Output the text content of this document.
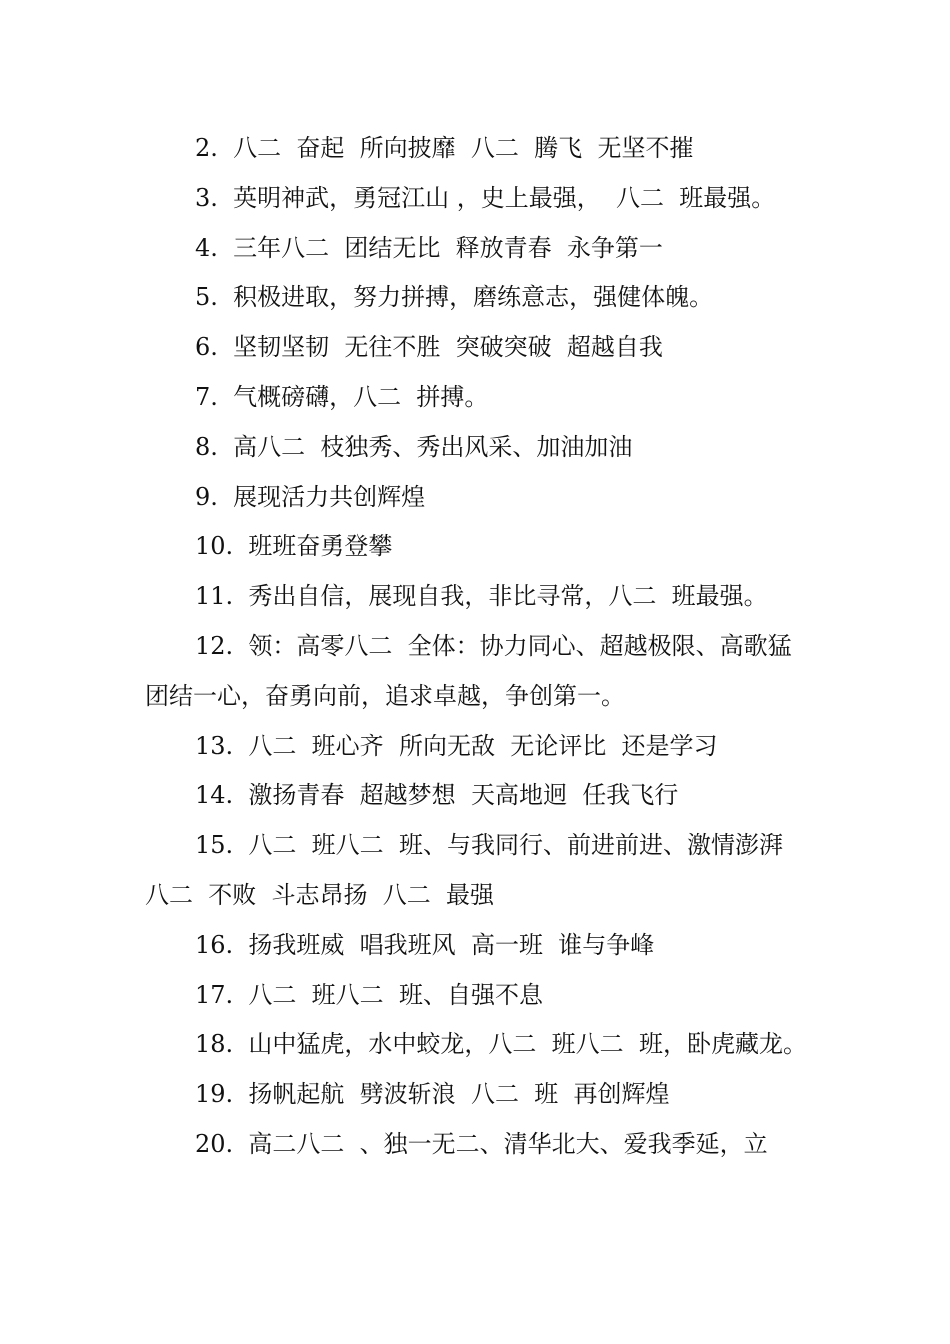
2.  八二  奋起  所向披靡  八二  腾飞  无坚不摧

3.  英明神武，勇冠江山 ，史上最强，  八二  班最强。

4.  三年八二  团结无比  释放青春  永争第一

5.  积极进取，努力拼搏，磨练意志，强健体魄。

6.  坚韧坚韧  无往不胜  突破突破  超越自我

7.  气概磅礴，八二  拼搏。

8.  高八二  枝独秀、秀出风采、加油加油

9.  展现活力共创辉煌

10.  班班奋勇登攀

11.  秀出自信，展现自我，非比寻常，八二  班最强。

12.  领：高零八二  全体：协力同心、超越极限、高歌猛团结一心，奋勇向前，追求卓越，争创第一。

13.  八二  班心齐  所向无敌  无论评比  还是学习

14.  激扬青春  超越梦想  天高地迥  任我飞行

15.  八二  班八二  班、与我同行、前进前进、激情澎湃  八二  不败  斗志昂扬  八二  最强

16.  扬我班威  唱我班风  高一班  谁与争峰

17.  八二  班八二  班、自强不息

18.  山中猛虎，水中蛟龙，八二  班八二  班，卧虎藏龙。

19.  扬帆起航  劈波斩浪  八二  班  再创辉煌

20.  高二八二  、独一无二、清华北大、爱我季延，立
